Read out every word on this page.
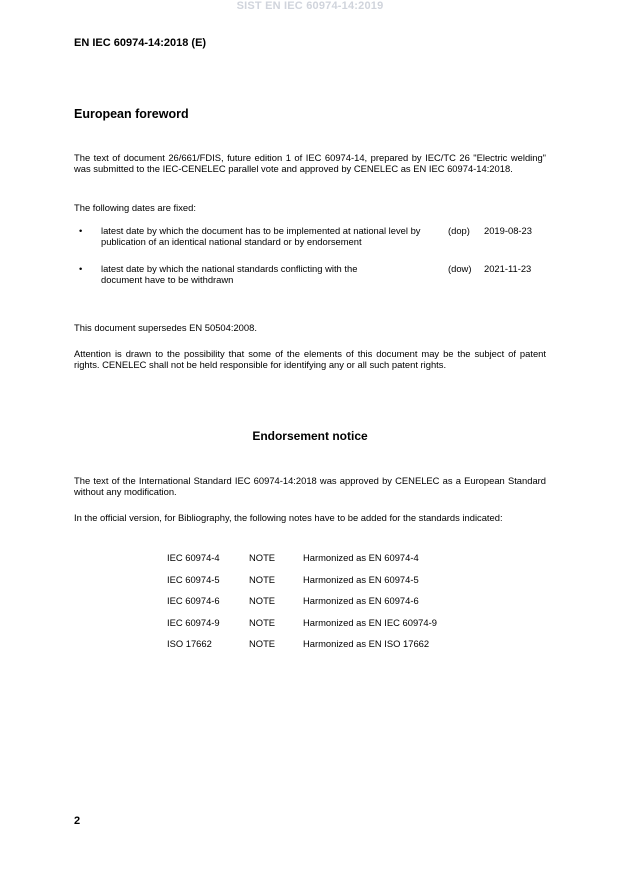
SIST EN IEC 60974-14:2019
EN IEC 60974-14:2018 (E)
European foreword
The text of document 26/661/FDIS, future edition 1 of IEC 60974-14, prepared by IEC/TC 26 "Electric welding" was submitted to the IEC-CENELEC parallel vote and approved by CENELEC as EN IEC 60974-14:2018.
The following dates are fixed:
• latest date by which the document has to be implemented at national level by publication of an identical national standard or by endorsement
(dop) 2019-08-23
• latest date by which the national standards conflicting with the document have to be withdrawn
(dow) 2021-11-23
This document supersedes EN 50504:2008.
Attention is drawn to the possibility that some of the elements of this document may be the subject of patent rights. CENELEC shall not be held responsible for identifying any or all such patent rights.
Endorsement notice
The text of the International Standard IEC 60974-14:2018 was approved by CENELEC as a European Standard without any modification.
In the official version, for Bibliography, the following notes have to be added for the standards indicated:
IEC 60974-4	NOTE	Harmonized as EN 60974-4
IEC 60974-5	NOTE	Harmonized as EN 60974-5
IEC 60974-6	NOTE	Harmonized as EN 60974-6
IEC 60974-9	NOTE	Harmonized as EN IEC 60974-9
ISO 17662	NOTE	Harmonized as EN ISO 17662
2
